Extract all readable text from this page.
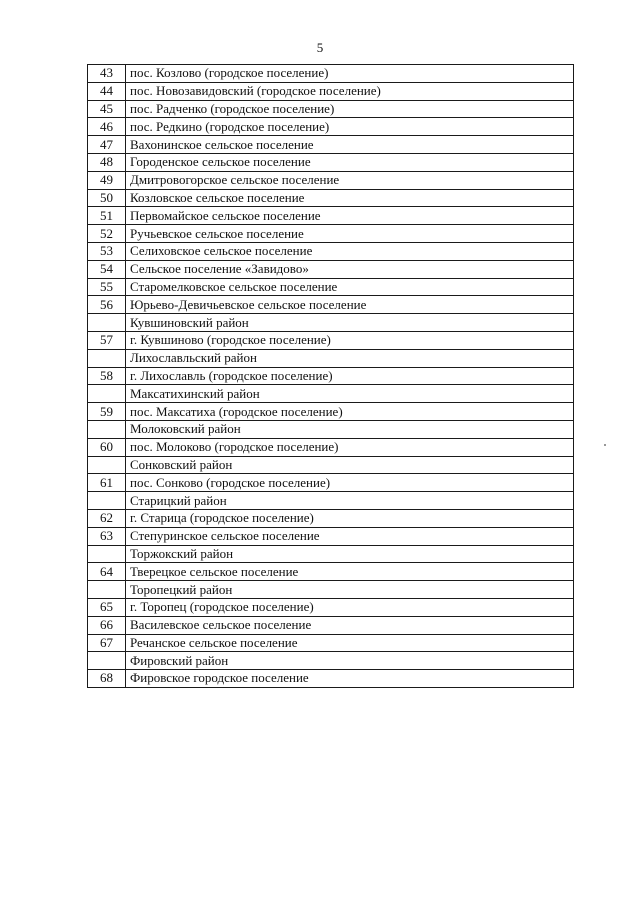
5
43	пос. Козлово (городское поселение)
44	пос. Новозавидовский (городское поселение)
45	пос. Радченко (городское поселение)
46	пос. Редкино (городское поселение)
47	Вахонинское сельское поселение
48	Городенское сельское поселение
49	Дмитровогорское сельское поселение
50	Козловское сельское поселение
51	Первомайское сельское поселение
52	Ручьевское сельское поселение
53	Селиховское сельское поселение
54	Сельское поселение «Завидово»
55	Старомелковское сельское поселение
56	Юрьево-Девичьевское сельское поселение
	Кувшиновский район
57	г. Кувшиново (городское поселение)
	Лихославльский район
58	г. Лихославль (городское поселение)
	Максатихинский район
59	пос. Максатиха (городское поселение)
	Молоковский район
60	пос. Молоково (городское поселение)
	Сонковский район
61	пос. Сонково (городское поселение)
	Старицкий район
62	г. Старица (городское поселение)
63	Степуринское сельское поселение
	Торжокский район
64	Тверецкое сельское поселение
	Торопецкий район
65	г. Торопец (городское поселение)
66	Василевское сельское поселение
67	Речанское сельское поселение
	Фировский район
68	Фировское городское поселение
